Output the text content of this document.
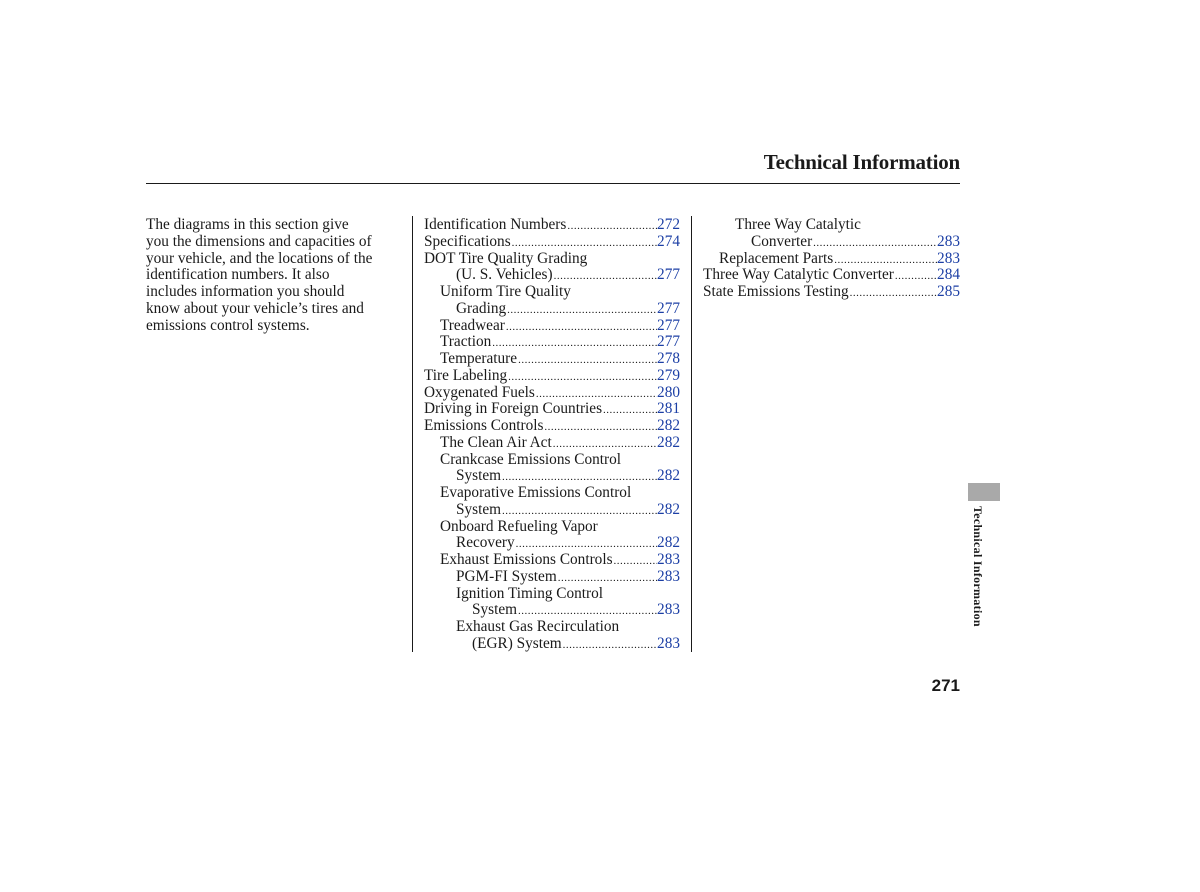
Technical Information
The diagrams in this section give
you the dimensions and capacities of
your vehicle, and the locations of the
identification numbers. It also
includes information you should
know about your vehicle’s tires and
emissions control systems.
Identification Numbers .....	272
Specifications .....	274
DOT Tire Quality Grading
(U. S. Vehicles) .....	277
Uniform Tire Quality
Grading .....	277
Treadwear .....	277
Traction .....	277
Temperature .....	278
Tire Labeling .....	279
Oxygenated Fuels .....	280
Driving in Foreign Countries .....	281
Emissions Controls .....	282
The Clean Air Act .....	282
Crankcase Emissions Control
System .....	282
Evaporative Emissions Control
System .....	282
Onboard Refueling Vapor
Recovery .....	282
Exhaust Emissions Controls .....	283
PGM-FI System .....	283
Ignition Timing Control
System .....	283
Exhaust Gas Recirculation
(EGR) System .....	283
Three Way Catalytic
Converter .....	283
Replacement Parts .....	283
Three Way Catalytic Converter .....	284
State Emissions Testing .....	285
Technical Information
271
